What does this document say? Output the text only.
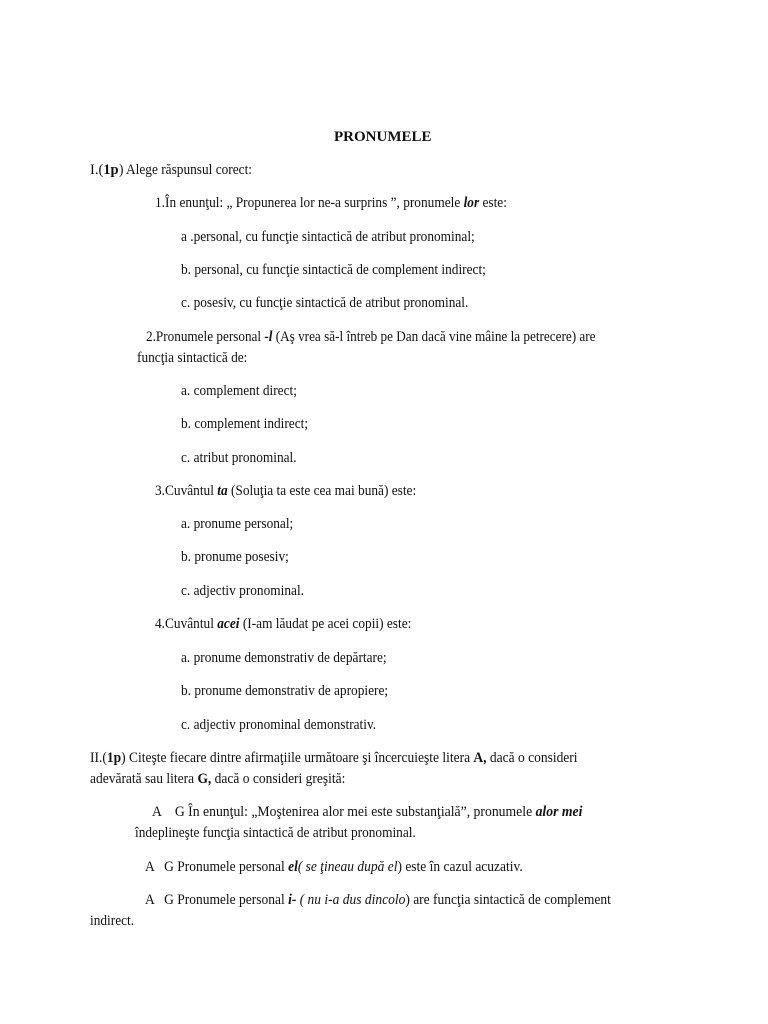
PRONUMELE
I.(1p) Alege răspunsul corect:
1.În enunţul: „ Propunerea lor ne-a surprins ”, pronumele lor este:
a .personal, cu funcţie sintactică de atribut pronominal;
b. personal, cu funcţie sintactică de complement indirect;
c. posesiv, cu funcţie sintactică de atribut pronominal.
2.Pronumele personal -l (Aş vrea să-l întreb pe Dan dacă vine mâine la petrecere) are
funcţia sintactică de:
a. complement direct;
b. complement indirect;
c. atribut pronominal.
3.Cuvântul ta (Soluţia ta este cea mai bună) este:
a. pronume personal;
b. pronume posesiv;
c. adjectiv pronominal.
4.Cuvântul acei (I-am lăudat pe acei copii) este:
a. pronume demonstrativ de depărtare;
b. pronume demonstrativ de apropiere;
c. adjectiv pronominal demonstrativ.
II.(1p) Citeşte fiecare dintre afirmaţiile următoare şi încercuieşte litera A, dacă o consideri
adevărată sau litera G, dacă o consideri greşită:
A    G În enunţul: „Moştenirea alor mei este substanţială”, pronumele alor mei
îndeplineşte funcţia sintactică de atribut pronominal.
A   G Pronumele personal el( se ţineau după el) este în cazul acuzativ.
A   G Pronumele personal i- ( nu i-a dus dincolo) are funcţia sintactică de complement
indirect.
